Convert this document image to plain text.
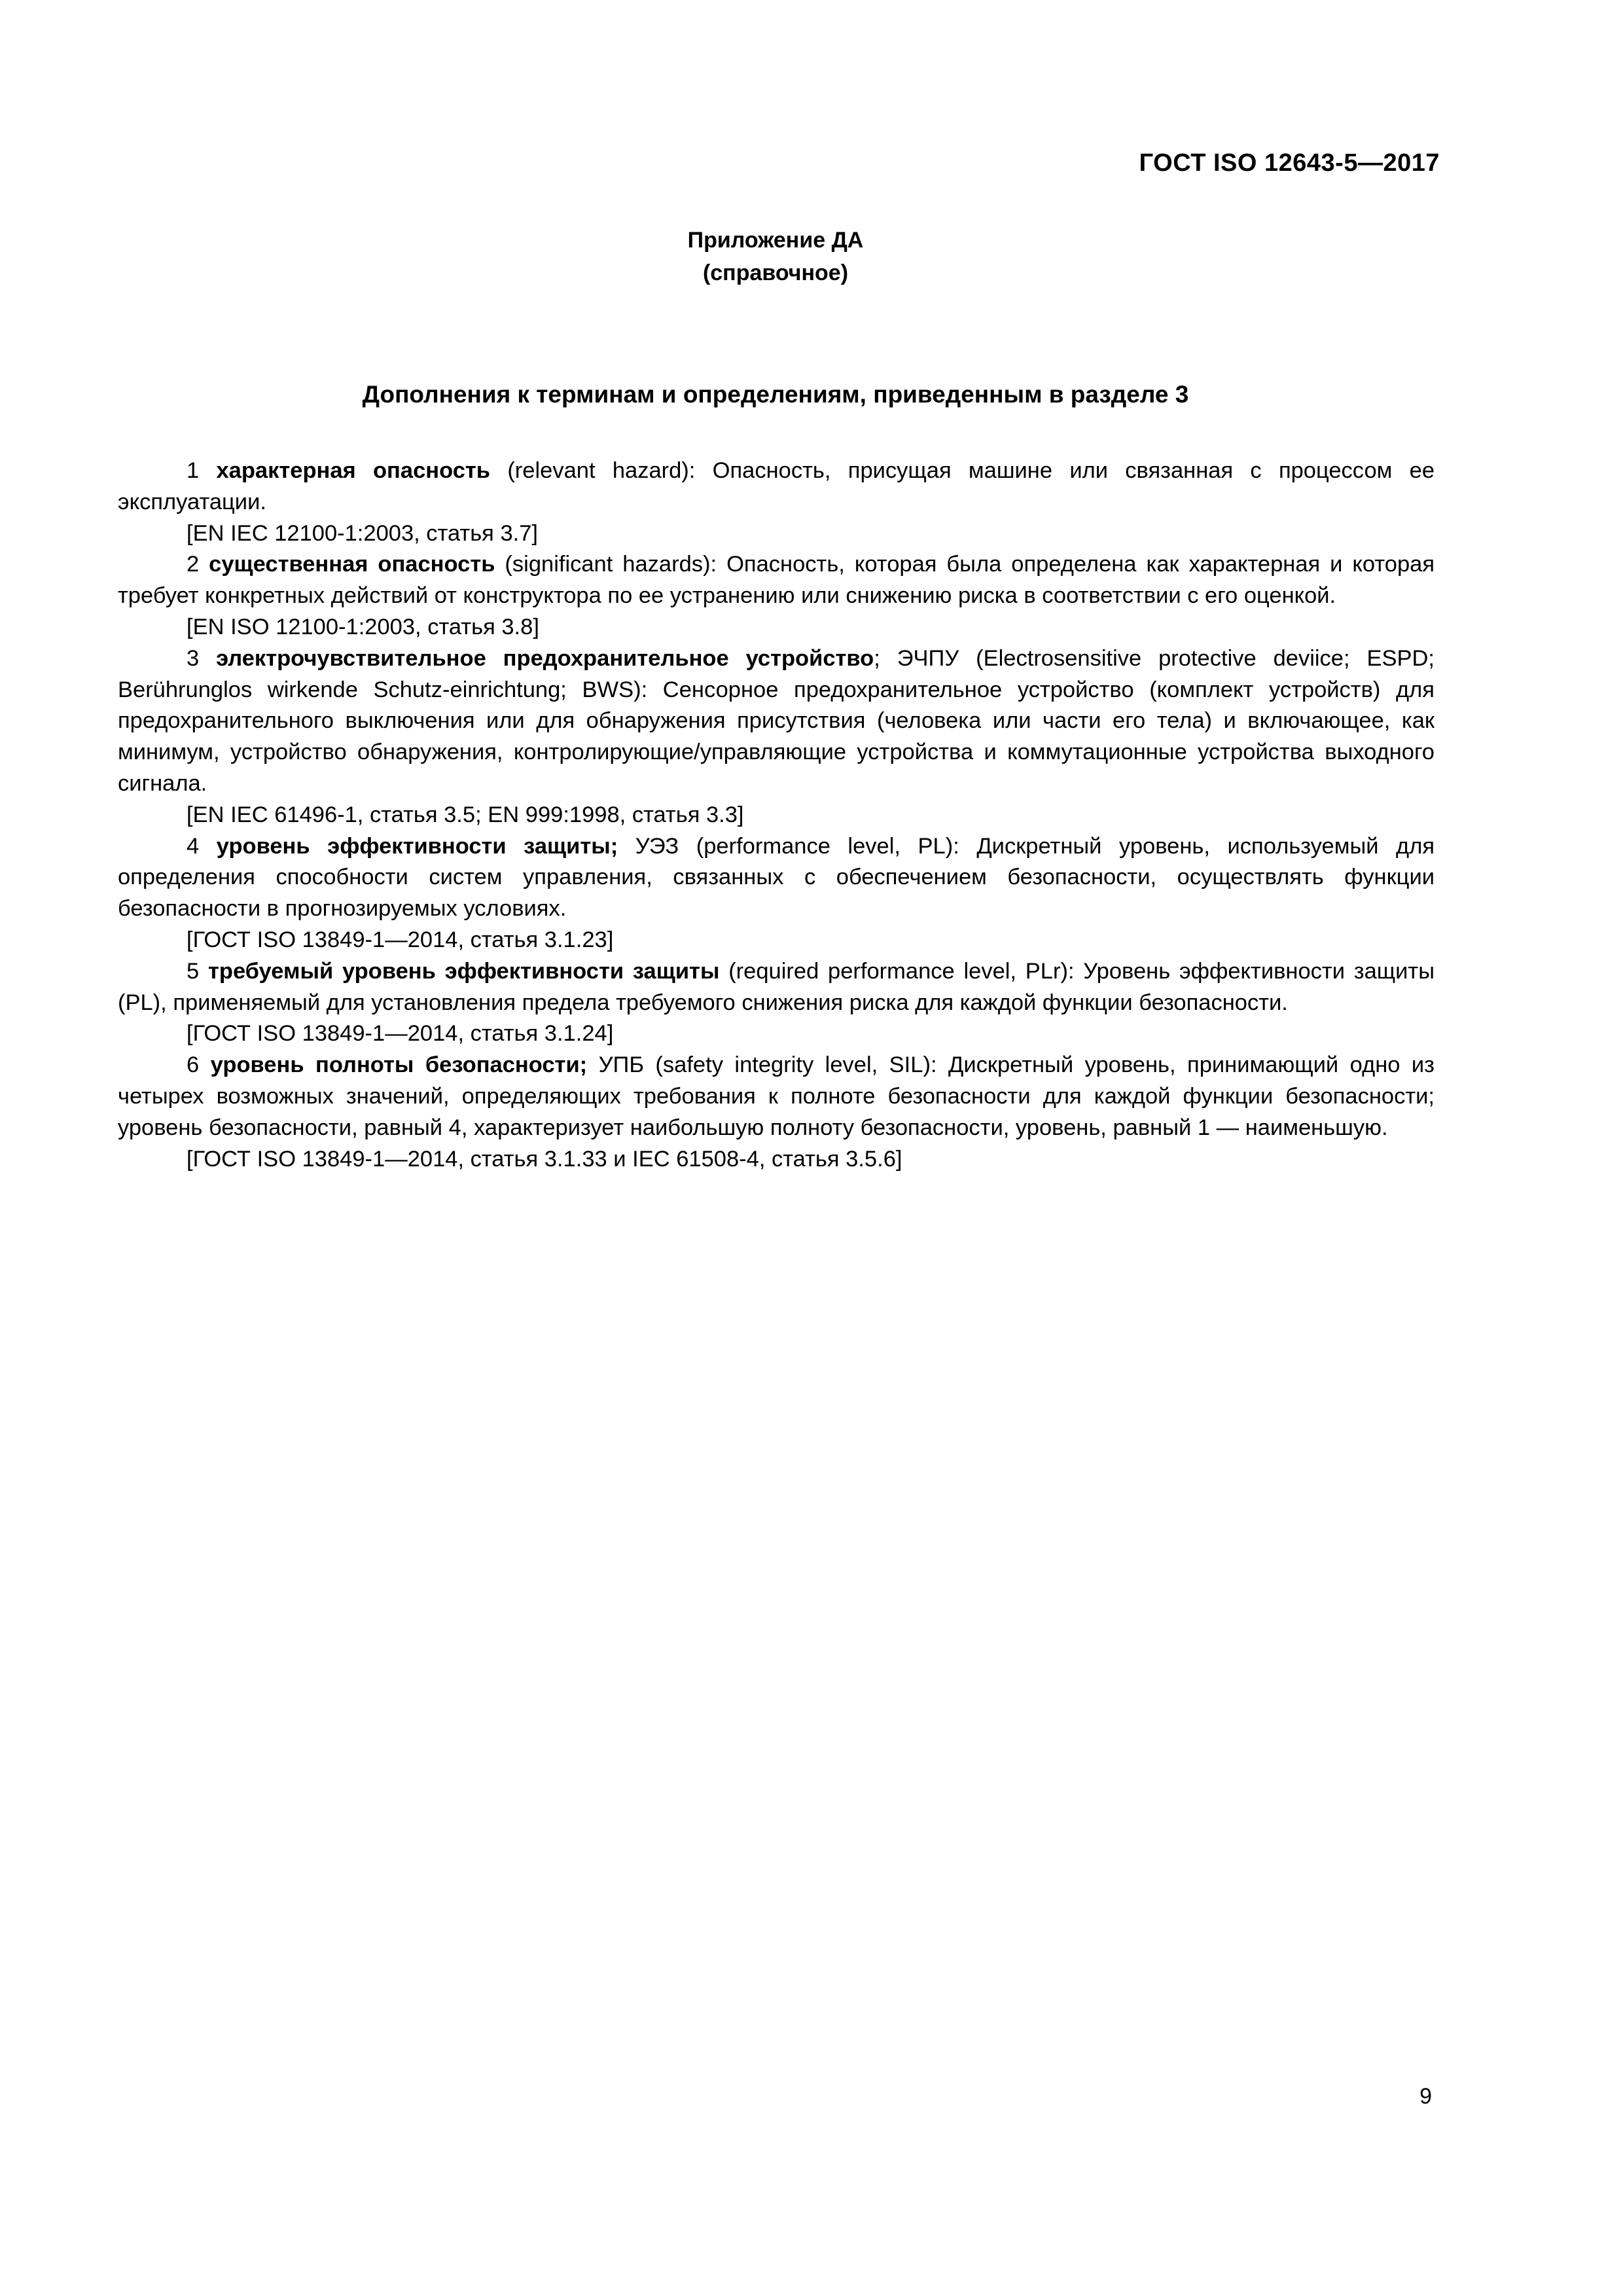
ГОСТ ISO 12643-5—2017
Приложение ДА
(справочное)
Дополнения к терминам и определениям, приведенным в разделе 3

1 характерная опасность (relevant hazard): Опасность, присущая машине или связанная с процессом ее эксплуатации.

[EN IEC 12100-1:2003, статья 3.7]

2 существенная опасность (significant hazards): Опасность, которая была определена как характерная и которая требует конкретных действий от конструктора по ее устранению или снижению риска в соответствии с его оценкой.

[EN ISO 12100-1:2003, статья 3.8]

3 электрочувствительное предохранительное устройство; ЭЧПУ (Electrosensitive protective deviice; ESPD; Berührunglos wirkende Schutz-einrichtung; BWS): Сенсорное предохранительное устройство (комплект устройств) для предохранительного выключения или для обнаружения присутствия (человека или части его тела) и включающее, как минимум, устройство обнаружения, контролирующие/управляющие устройства и коммутационные устройства выходного сигнала.

[EN IEC 61496-1, статья 3.5; EN 999:1998, статья 3.3]

4 уровень эффективности защиты; УЭЗ (performance level, PL): Дискретный уровень, используемый для определения способности систем управления, связанных с обеспечением безопасности, осуществлять функции безопасности в прогнозируемых условиях.

[ГОСТ ISO 13849-1—2014, статья 3.1.23]

5 требуемый уровень эффективности защиты (required performance level, PLr): Уровень эффективности защиты (PL), применяемый для установления предела требуемого снижения риска для каждой функции безопасности.

[ГОСТ ISO 13849-1—2014, статья 3.1.24]

6 уровень полноты безопасности; УПБ (safety integrity level, SIL): Дискретный уровень, принимающий одно из четырех возможных значений, определяющих требования к полноте безопасности для каждой функции безопасности; уровень безопасности, равный 4, характеризует наибольшую полноту безопасности, уровень, равный 1 — наименьшую.

[ГОСТ ISO 13849-1—2014, статья 3.1.33 и IEC 61508-4, статья 3.5.6]

9
